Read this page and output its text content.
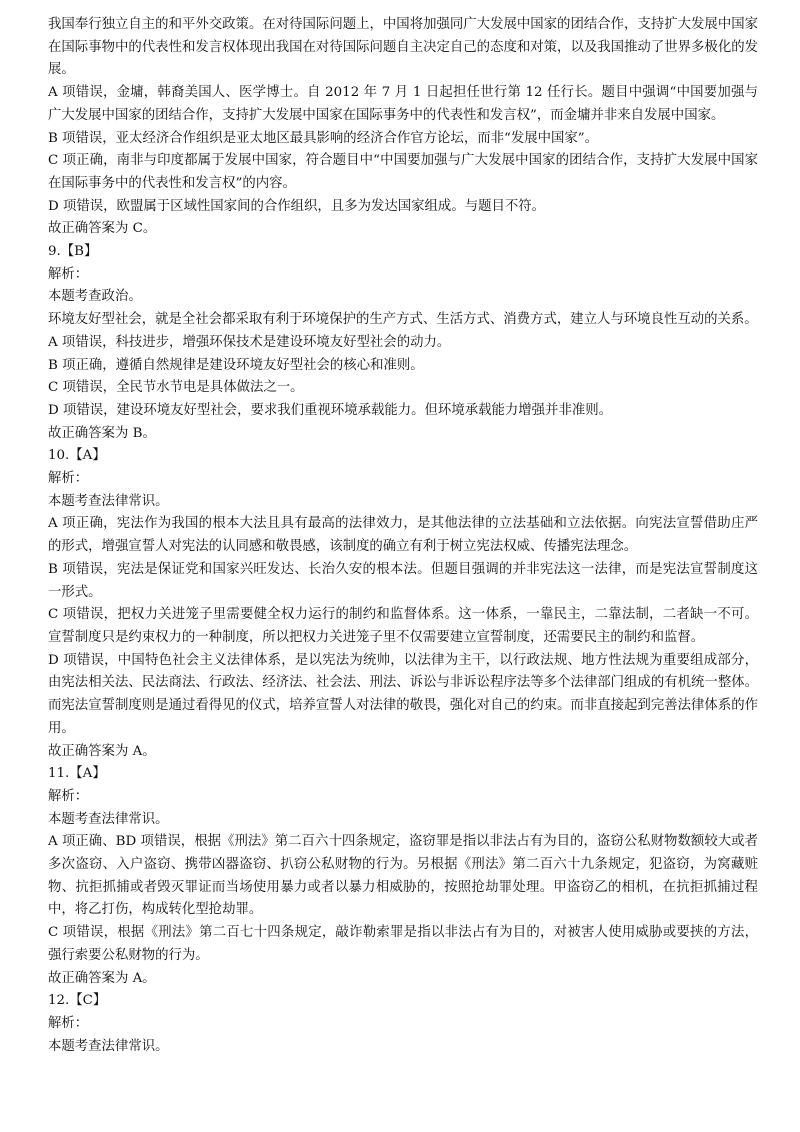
我国奉行独立自主的和平外交政策。在对待国际问题上，中国将加强同广大发展中国家的团结合作，支持扩大发展中国家在国际事物中的代表性和发言权体现出我国在对待国际问题自主决定自己的态度和对策，以及我国推动了世界多极化的发展。

A 项错误，金墉，韩裔美国人、医学博士。自 2012 年 7 月 1 日起担任世行第 12 任行长。题目中强调“中国要加强与广大发展中国家的团结合作，支持扩大发展中国家在国际事务中的代表性和发言权”，而金墉并非来自发展中国家。

B 项错误，亚太经济合作组织是亚太地区最具影响的经济合作官方论坛，而非“发展中国家”。

C 项正确，南非与印度都属于发展中国家，符合题目中“中国要加强与广大发展中国家的团结合作，支持扩大发展中国家在国际事务中的代表性和发言权”的内容。

D 项错误，欧盟属于区域性国家间的合作组织，且多为发达国家组成。与题目不符。

故正确答案为 C。

9.【B】

解析：

本题考查政治。

环境友好型社会，就是全社会都采取有利于环境保护的生产方式、生活方式、消费方式，建立人与环境良性互动的关系。

A 项错误，科技进步，增强环保技术是建设环境友好型社会的动力。

B 项正确，遵循自然规律是建设环境友好型社会的核心和准则。

C 项错误，全民节水节电是具体做法之一。

D 项错误，建设环境友好型社会，要求我们重视环境承载能力。但环境承载能力增强并非准则。

故正确答案为 B。

10.【A】

解析：

本题考查法律常识。

A 项正确，宪法作为我国的根本大法且具有最高的法律效力，是其他法律的立法基础和立法依据。向宪法宣誓借助庄严的形式，增强宣誓人对宪法的认同感和敬畏感，该制度的确立有利于树立宪法权威、传播宪法理念。

B 项错误，宪法是保证党和国家兴旺发达、长治久安的根本法。但题目强调的并非宪法这一法律，而是宪法宣誓制度这一形式。

C 项错误，把权力关进笼子里需要健全权力运行的制约和监督体系。这一体系，一靠民主，二靠法制，二者缺一不可。宣誓制度只是约束权力的一种制度，所以把权力关进笼子里不仅需要建立宣誓制度，还需要民主的制约和监督。

D 项错误，中国特色社会主义法律体系，是以宪法为统帅，以法律为主干，以行政法规、地方性法规为重要组成部分，由宪法相关法、民法商法、行政法、经济法、社会法、刑法、诉讼与非诉讼程序法等多个法律部门组成的有机统一整体。而宪法宣誓制度则是通过看得见的仪式，培养宣誓人对法律的敬畏，强化对自己的约束。而非直接起到完善法律体系的作用。

故正确答案为 A。

11.【A】

解析：

本题考查法律常识。

A 项正确、BD 项错误，根据《刑法》第二百六十四条规定，盗窃罪是指以非法占有为目的，盗窃公私财物数额较大或者多次盗窃、入户盗窃、携带凶器盗窃、扒窃公私财物的行为。另根据《刑法》第二百六十九条规定，犯盗窃，为窝藏赃物、抗拒抓捕或者毁灭罪证而当场使用暴力或者以暴力相威胁的，按照抢劫罪处理。甲盗窃乙的相机，在抗拒抓捕过程中，将乙打伤，构成转化型抢劫罪。

C 项错误，根据《刑法》第二百七十四条规定，敲诈勒索罪是指以非法占有为目的，对被害人使用威胁或要挟的方法，强行索要公私财物的行为。

故正确答案为 A。

12.【C】

解析：

本题考查法律常识。
